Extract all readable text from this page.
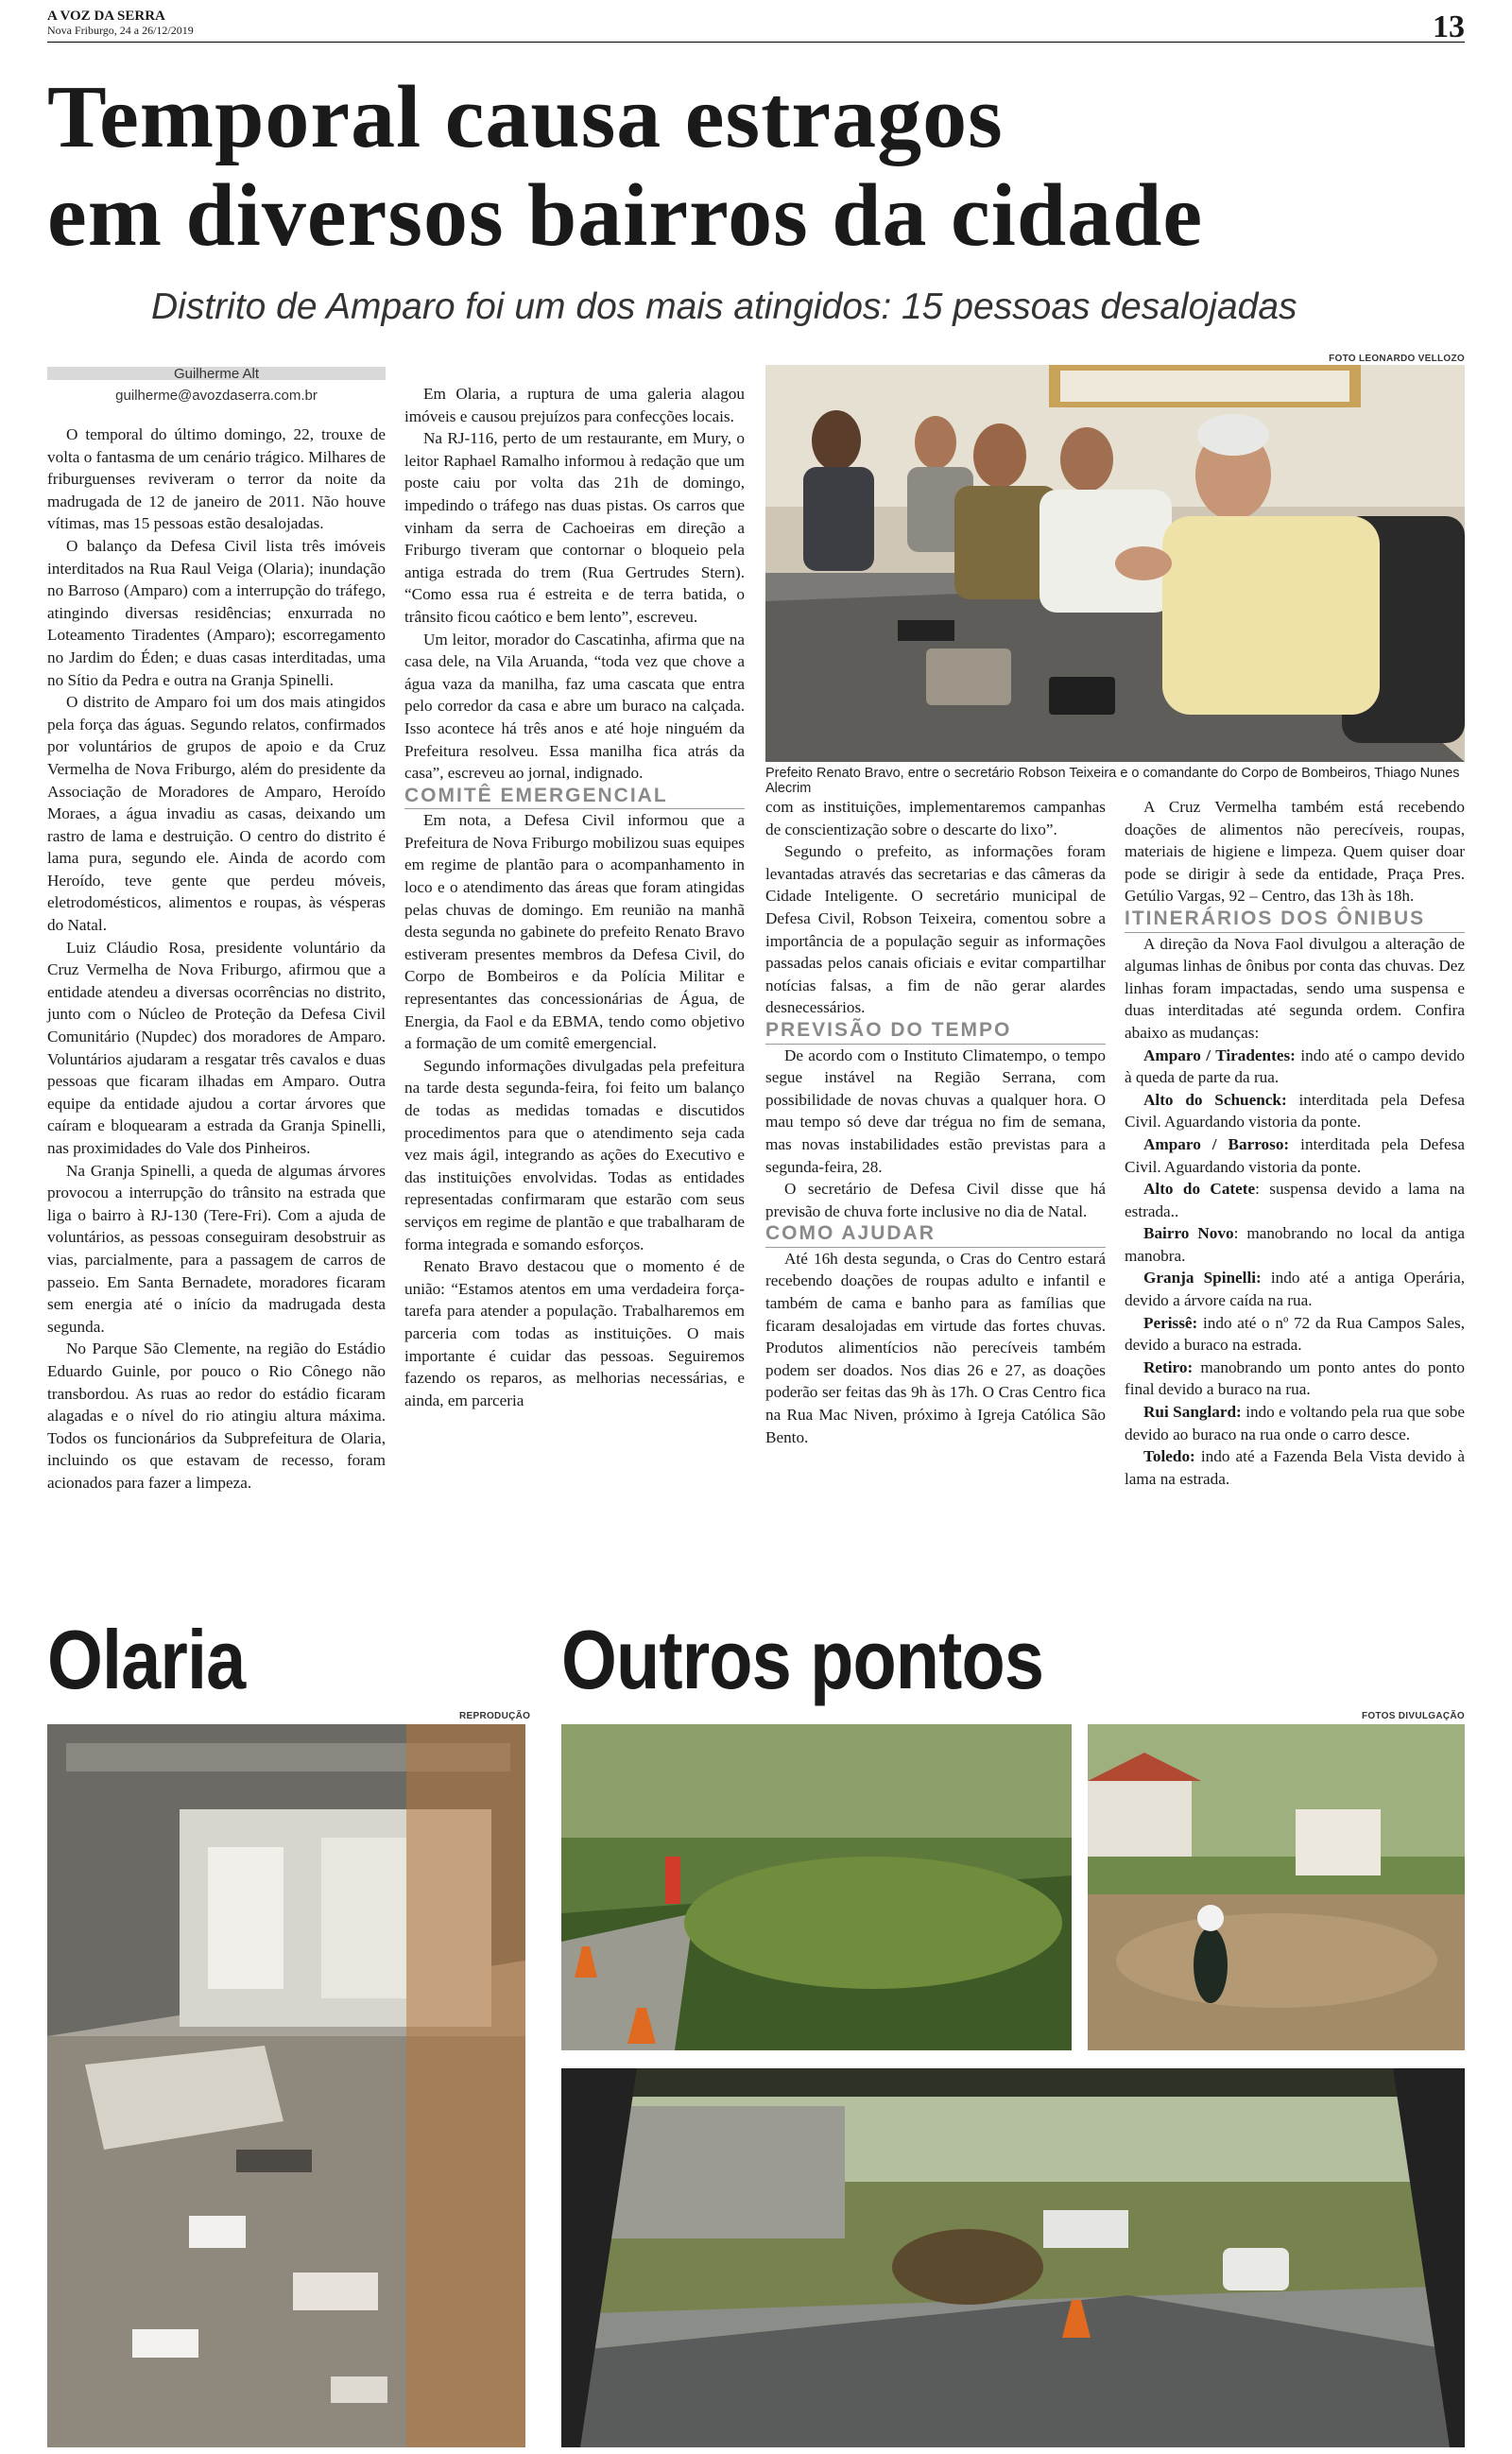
A VOZ DA SERRA
Nova Friburgo, 24 a 26/12/2019	13
Temporal causa estragos
em diversos bairros da cidade
Distrito de Amparo foi um dos mais atingidos: 15 pessoas desalojadas
Guilherme Alt
guilherme@avozdaserra.com.br

O temporal do último domingo, 22, trouxe de volta o fantasma de um cenário trágico. Milhares de friburguenses reviveram o terror da noite da madrugada de 12 de janeiro de 2011. Não houve vítimas, mas 15 pessoas estão desalojadas.

O balanço da Defesa Civil lista três imóveis interditados na Rua Raul Veiga (Olaria); inundação no Barroso (Amparo) com a interrupção do tráfego, atingindo diversas residências; enxurrada no Loteamento Tiradentes (Amparo); escorregamento no Jardim do Éden; e duas casas interditadas, uma no Sítio da Pedra e outra na Granja Spinelli.

O distrito de Amparo foi um dos mais atingidos pela força das águas. Segundo relatos, confirmados por voluntários de grupos de apoio e da Cruz Vermelha de Nova Friburgo, além do presidente da Associação de Moradores de Amparo, Heroído Moraes, a água invadiu as casas, deixando um rastro de lama e destruição. O centro do distrito é lama pura, segundo ele. Ainda de acordo com Heroído, teve gente que perdeu móveis, eletrodomésticos, alimentos e roupas, às vésperas do Natal.

Luiz Cláudio Rosa, presidente voluntário da Cruz Vermelha de Nova Friburgo, afirmou que a entidade atendeu a diversas ocorrências no distrito, junto com o Núcleo de Proteção da Defesa Civil Comunitário (Nupdec) dos moradores de Amparo. Voluntários ajudaram a resgatar três cavalos e duas pessoas que ficaram ilhadas em Amparo. Outra equipe da entidade ajudou a cortar árvores que caíram e bloquearam a estrada da Granja Spinelli, nas proximidades do Vale dos Pinheiros.

Na Granja Spinelli, a queda de algumas árvores provocou a interrupção do trânsito na estrada que liga o bairro à RJ-130 (Tere-Fri). Com a ajuda de voluntários, as pessoas conseguiram desobstruir as vias, parcialmente, para a passagem de carros de passeio. Em Santa Bernadete, moradores ficaram sem energia até o início da madrugada desta segunda.

No Parque São Clemente, na região do Estádio Eduardo Guinle, por pouco o Rio Cônego não transbordou. As ruas ao redor do estádio ficaram alagadas e o nível do rio atingiu altura máxima. Todos os funcionários da Subprefeitura de Olaria, incluindo os que estavam de recesso, foram acionados para fazer a limpeza.

Em Olaria, a ruptura de uma galeria alagou imóveis e causou prejuízos para confecções locais.

Na RJ-116, perto de um restaurante, em Mury, o leitor Raphael Ramalho informou à redação que um poste caiu por volta das 21h de domingo, impedindo o tráfego nas duas pistas. Os carros que vinham da serra de Cachoeiras em direção a Friburgo tiveram que contornar o bloqueio pela antiga estrada do trem (Rua Gertrudes Stern). “Como essa rua é estreita e de terra batida, o trânsito ficou caótico e bem lento”, escreveu.

Um leitor, morador do Cascatinha, afirma que na casa dele, na Vila Aruanda, “toda vez que chove a água vaza da manilha, faz uma cascata que entra pelo corredor da casa e abre um buraco na calçada. Isso acontece há três anos e até hoje ninguém da Prefeitura resolveu. Essa manilha fica atrás da casa”, escreveu ao jornal, indignado.

COMITÊ EMERGENCIAL

Em nota, a Defesa Civil informou que a Prefeitura de Nova Friburgo mobilizou suas equipes em regime de plantão para o acompanhamento in loco e o atendimento das áreas que foram atingidas pelas chuvas de domingo. Em reunião na manhã desta segunda no gabinete do prefeito Renato Bravo estiveram presentes membros da Defesa Civil, do Corpo de Bombeiros e da Polícia Militar e representantes das concessionárias de Água, de Energia, da Faol e da EBMA, tendo como objetivo a formação de um comitê emergencial.

Segundo informações divulgadas pela prefeitura na tarde desta segunda-feira, foi feito um balanço de todas as medidas tomadas e discutidos procedimentos para que o atendimento seja cada vez mais ágil, integrando as ações do Executivo e das instituições envolvidas. Todas as entidades representadas confirmaram que estarão com seus serviços em regime de plantão e que trabalharam de forma integrada e somando esforços.

Renato Bravo destacou que o momento é de união: “Estamos atentos em uma verdadeira força-tarefa para atender a população. Trabalharemos em parceria com todas as instituições. O mais importante é cuidar das pessoas. Seguiremos fazendo os reparos, as melhorias necessárias, e ainda, em parceria

FOTO LEONARDO VELLOZO
Prefeito Renato Bravo, entre o secretário Robson Teixeira e o comandante do Corpo de Bombeiros, Thiago Nunes Alecrim

com as instituições, implementaremos campanhas de conscientização sobre o descarte do lixo”.

Segundo o prefeito, as informações foram levantadas através das secretarias e das câmeras da Cidade Inteligente. O secretário municipal de Defesa Civil, Robson Teixeira, comentou sobre a importância de a população seguir as informações passadas pelos canais oficiais e evitar compartilhar notícias falsas, a fim de não gerar alardes desnecessários.

PREVISÃO DO TEMPO

De acordo com o Instituto Climatempo, o tempo segue instável na Região Serrana, com possibilidade de novas chuvas a qualquer hora. O mau tempo só deve dar trégua no fim de semana, mas novas instabilidades estão previstas para a segunda-feira, 28.

O secretário de Defesa Civil disse que há previsão de chuva forte inclusive no dia de Natal.

COMO AJUDAR

Até 16h desta segunda, o Cras do Centro estará recebendo doações de roupas adulto e infantil e também de cama e banho para as famílias que ficaram desalojadas em virtude das fortes chuvas. Produtos alimentícios não perecíveis também podem ser doados. Nos dias 26 e 27, as doações poderão ser feitas das 9h às 17h. O Cras Centro fica na Rua Mac Niven, próximo à Igreja Católica São Bento.

A Cruz Vermelha também está recebendo doações de alimentos não perecíveis, roupas, materiais de higiene e limpeza. Quem quiser doar pode se dirigir à sede da entidade, Praça Pres. Getúlio Vargas, 92 – Centro, das 13h às 18h.

ITINERÁRIOS DOS ÔNIBUS

A direção da Nova Faol divulgou a alteração de algumas linhas de ônibus por conta das chuvas. Dez linhas foram impactadas, sendo uma suspensa e duas interditadas até segunda ordem. Confira abaixo as mudanças:

Amparo / Tiradentes: indo até o campo devido à queda de parte da rua.

Alto do Schuenck: interditada pela Defesa Civil. Aguardando vistoria da ponte.

Amparo / Barroso: interditada pela Defesa Civil. Aguardando vistoria da ponte.

Alto do Catete: suspensa devido a lama na estrada..

Bairro Novo: manobrando no local da antiga manobra.

Granja Spinelli: indo até a antiga Operária, devido a árvore caída na rua.

Perissê: indo até o nº 72 da Rua Campos Sales, devido a buraco na estrada.

Retiro: manobrando um ponto antes do ponto final devido a buraco na rua.

Rui Sanglard: indo e voltando pela rua que sobe devido ao buraco na rua onde o carro desce.

Toledo: indo até a Fazenda Bela Vista devido à lama na estrada.

Olaria
REPRODUÇÃO
Outros pontos
FOTOS DIVULGAÇÃO
